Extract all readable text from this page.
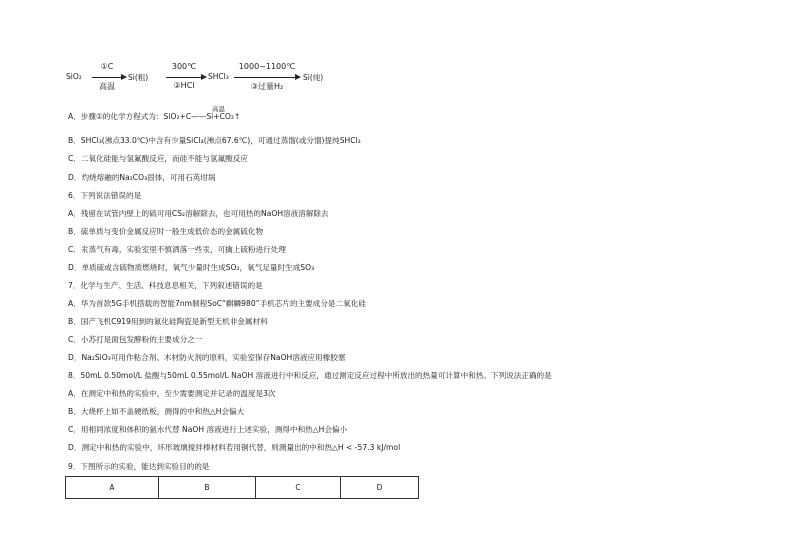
SiO₂
①C
高温
Si(粗)
300℃
②HCl
SHCl₃
1000~1100℃
③过量H₂
Si(纯)
A．步骤①的化学方程式为：SiO₂+C——Si+CO₂↑
高温
B．SHCl₃(沸点33.0℃)中含有少量SiCl₄(沸点67.6℃)，可通过蒸馏(或分馏)提纯SHCl₃
C．二氧化硅能与氢氟酸反应，而硅不能与氢氟酸反应
D．灼烧熔融的Na₂CO₃固体，可用石英坩埚
6．下列说法错误的是
A．残留在试管内壁上的硫可用CS₂溶解除去，也可用热的NaOH溶液溶解除去
B．硫单质与变价金属反应时一般生成低价态的金属硫化物
C．汞蒸气有毒，实验室里不慎洒落一些汞，可擒上硫粉进行处理
D．单质硫或含硫物质燃烧时，氧气少量时生成SO₂，氧气足量时生成SO₃
7．化学与生产、生活、科技息息相关，下列叙述错误的是
A．华为首款5G手机搭载的智能7nm制程SoC“麒麟980”手机芯片的主要成分是二氧化硅
B．国产飞机C919用到的氮化硅陶瓷是新型无机非金属材料
C．小苏打是面包发酵粉的主要成分之一
D．Na₂SiO₃可用作粘合剂、木材防火剂的原料，实验室保存NaOH溶液应用橡胶塞
8．50mL 0.50mol/L 盐酸与50mL 0.55mol/L NaOH 溶液进行中和反应，通过测定反应过程中所放出的热量可计算中和热。下列说法正确的是
A．在测定中和热的实验中，至少需要测定并记录的温度是3次
B．大烧杯上如不盖硬纸板，测得的中和热△H会偏大
C．用相同浓度和体积的氨水代替 NaOH 溶液进行上述实验，测得中和热△H会偏小
D．测定中和热的实验中，环形玻璃搅拌棒材料若用铜代替，则测量出的中和热△H < -57.3 kJ/mol
9．下图所示的实验，能达到实验目的的是
A	B	C	D
